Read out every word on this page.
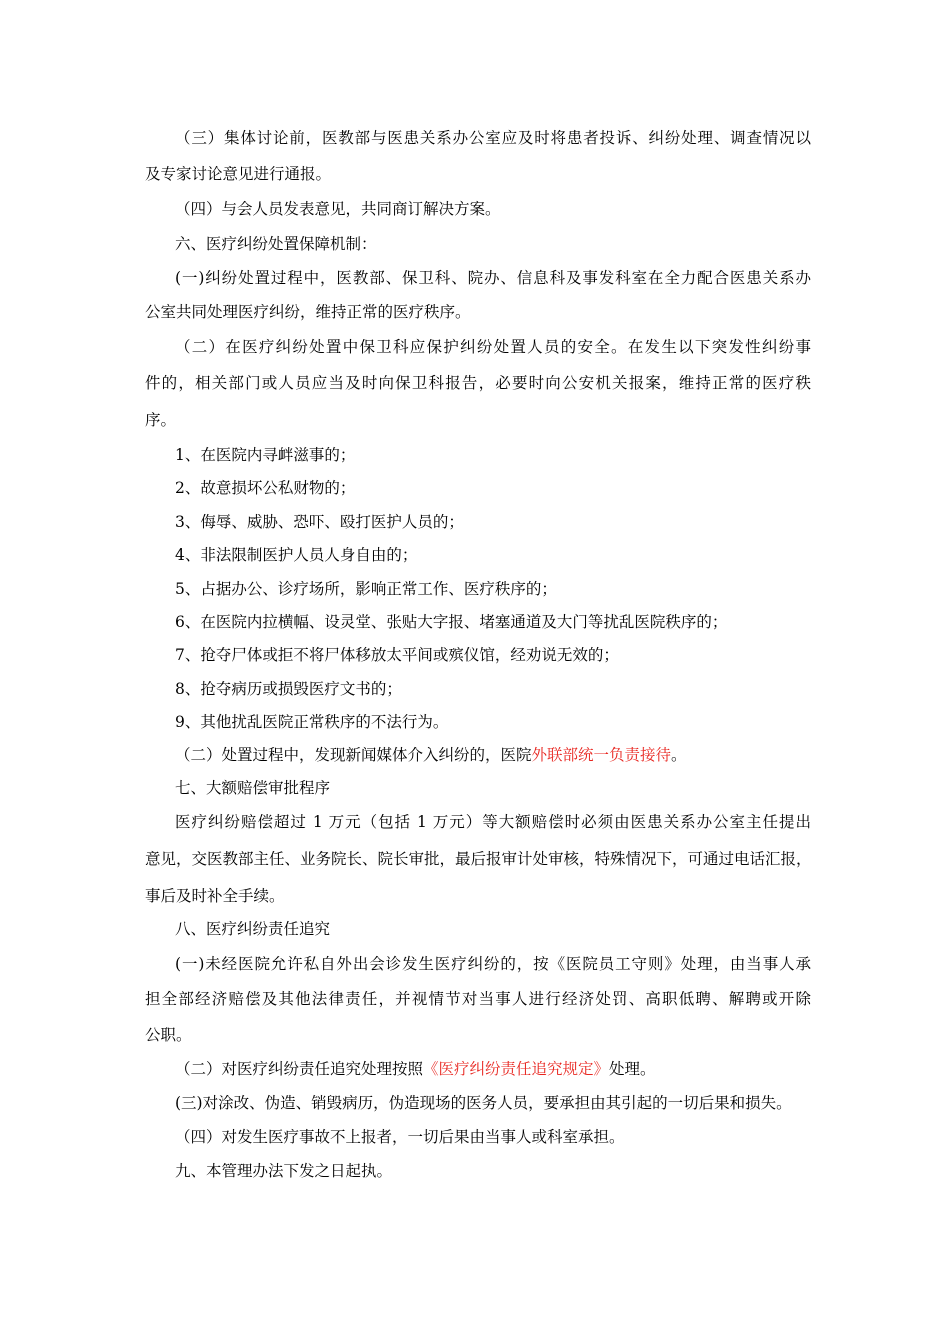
（三）集体讨论前，医教部与医患关系办公室应及时将患者投诉、纠纷处理、调查情况以
及专家讨论意见进行通报。
（四）与会人员发表意见，共同商订解决方案。
六、医疗纠纷处置保障机制：
(一)纠纷处置过程中，医教部、保卫科、院办、信息科及事发科室在全力配合医患关系办
公室共同处理医疗纠纷，维持正常的医疗秩序。
（二）在医疗纠纷处置中保卫科应保护纠纷处置人员的安全。在发生以下突发性纠纷事
件的，相关部门或人员应当及时向保卫科报告，必要时向公安机关报案，维持正常的医疗秩
序。
1、在医院内寻衅滋事的；
2、故意损坏公私财物的；
3、侮辱、威胁、恐吓、殴打医护人员的；
4、非法限制医护人员人身自由的；
5、占据办公、诊疗场所，影响正常工作、医疗秩序的；
6、在医院内拉横幅、设灵堂、张贴大字报、堵塞通道及大门等扰乱医院秩序的；
7、抢夺尸体或拒不将尸体移放太平间或殡仪馆，经劝说无效的；
8、抢夺病历或损毁医疗文书的；
9、其他扰乱医院正常秩序的不法行为。
（二）处置过程中，发现新闻媒体介入纠纷的，医院外联部统一负责接待。
七、大额赔偿审批程序
医疗纠纷赔偿超过 1 万元（包括 1 万元）等大额赔偿时必须由医患关系办公室主任提出
意见，交医教部主任、业务院长、院长审批，最后报审计处审核，特殊情况下，可通过电话汇报，
事后及时补全手续。
八、医疗纠纷责任追究
(一)未经医院允许私自外出会诊发生医疗纠纷的，按《医院员工守则》处理，由当事人承
担全部经济赔偿及其他法律责任，并视情节对当事人进行经济处罚、高职低聘、解聘或开除
公职。
（二）对医疗纠纷责任追究处理按照《医疗纠纷责任追究规定》处理。
(三)对涂改、伪造、销毁病历，伪造现场的医务人员，要承担由其引起的一切后果和损失。
（四）对发生医疗事故不上报者，一切后果由当事人或科室承担。
九、本管理办法下发之日起执。
